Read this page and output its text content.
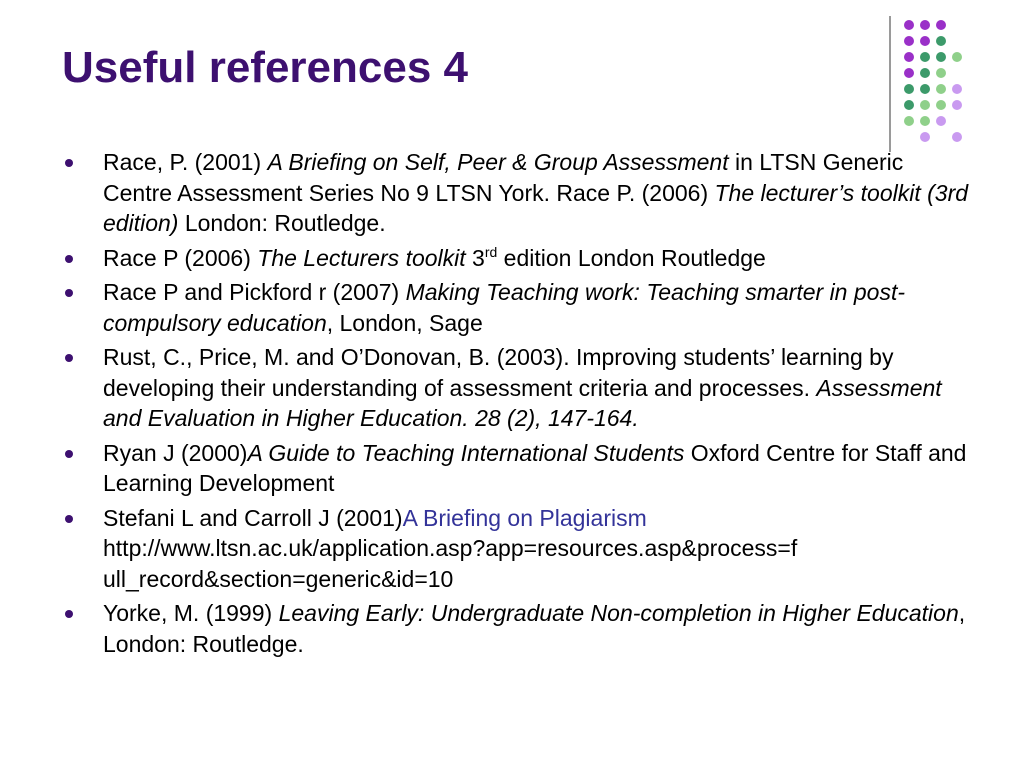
Useful references 4
Race, P. (2001) A Briefing on Self, Peer & Group Assessment in LTSN Generic Centre Assessment Series No 9 LTSN York. Race P. (2006) The lecturer’s toolkit (3rd edition) London: Routledge.
Race P (2006) The Lecturers toolkit 3rd edition London Routledge
Race P and Pickford r (2007) Making Teaching work: Teaching smarter in post-compulsory education, London, Sage
Rust, C., Price, M. and O’Donovan, B. (2003). Improving students’ learning by developing their understanding of assessment criteria and processes. Assessment and Evaluation in Higher Education. 28 (2), 147-164.
Ryan J (2000)A Guide to Teaching International Students Oxford Centre for Staff and Learning Development
Stefani L and Carroll J (2001)A Briefing on Plagiarism
http://www.ltsn.ac.uk/application.asp?app=resources.asp&process=f
ull_record&section=generic&id=10
Yorke, M. (1999) Leaving Early: Undergraduate Non-completion in Higher Education, London: Routledge.
